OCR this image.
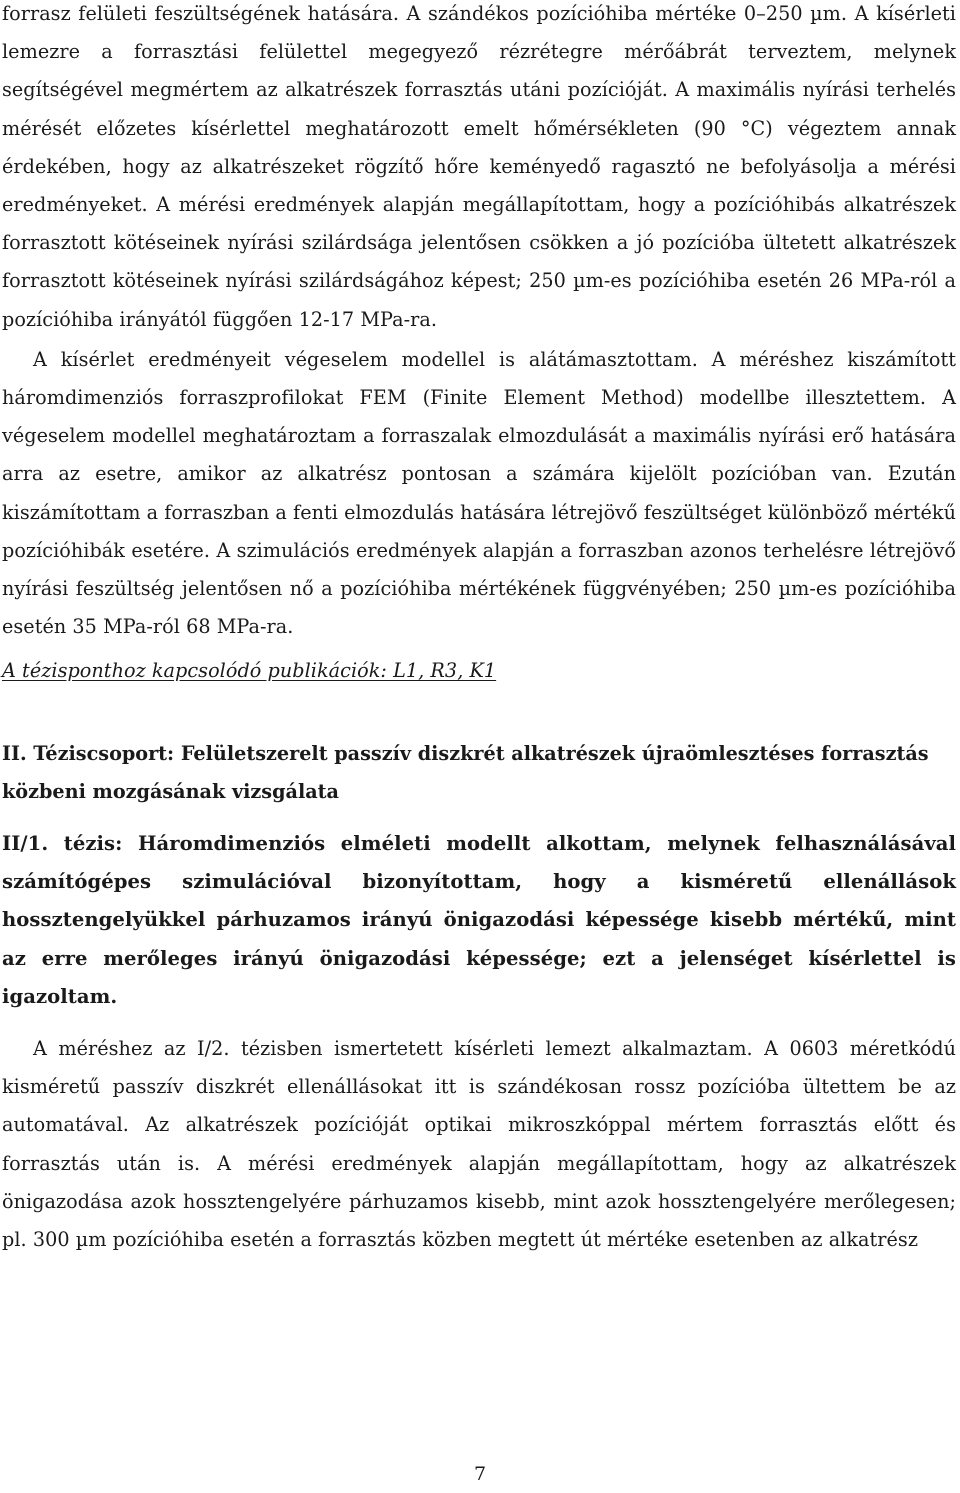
forrasz felületi feszültségének hatására. A szándékos pozícióhiba mértéke 0–250 µm. A kísérleti lemezre a forrasztási felülettel megegyező rézrétegre mérőábrát terveztem, melynek segítségével megmértem az alkatrészek forrasztás utáni pozícióját. A maximális nyírási terhelés mérését előzetes kísérlettel meghatározott emelt hőmérsékleten (90 °C) végeztem annak érdekében, hogy az alkatrészeket rögzítő hőre keményedő ragasztó ne befolyásolja a mérési eredményeket. A mérési eredmények alapján megállapítottam, hogy a pozícióhibás alkatrészek forrasztott kötéseinek nyírási szilárdsága jelentősen csökken a jó pozícióba ültetett alkatrészek forrasztott kötéseinek nyírási szilárdságához képest; 250 µm-es pozícióhiba esetén 26 MPa-ról a pozícióhiba irányától függően 12-17 MPa-ra.

A kísérlet eredményeit végeselem modellel is alátámasztottam. A méréshez kiszámított háromdimenziós forraszprofilokat FEM (Finite Element Method) modellbe illesztettem. A végeselem modellel meghatároztam a forraszalak elmozdulását a maximális nyírási erő hatására arra az esetre, amikor az alkatrész pontosan a számára kijelölt pozícióban van. Ezután kiszámítottam a forraszban a fenti elmozdulás hatására létrejövő feszültséget különböző mértékű pozícióhibák esetére. A szimulációs eredmények alapján a forraszban azonos terhelésre létrejövő nyírási feszültség jelentősen nő a pozícióhiba mértékének függvényében; 250 µm-es pozícióhiba esetén 35 MPa-ról 68 MPa-ra.

A tézisponthoz kapcsolódó publikációk: L1, R3, K1

II. Téziscsoport: Felületszerelt passzív diszkrét alkatrészek újraömlesztéses forrasztás közbeni mozgásának vizsgálata

II/1. tézis: Háromdimenziós elméleti modellt alkottam, melynek felhasználásával számítógépes szimulációval bizonyítottam, hogy a kisméretű ellenállások hossztengelyükkel párhuzamos irányú önigazodási képessége kisebb mértékű, mint az erre merőleges irányú önigazodási képessége; ezt a jelenséget kísérlettel is igazoltam.

A méréshez az I/2. tézisben ismertetett kísérleti lemezt alkalmaztam. A 0603 méretkódú kisméretű passzív diszkrét ellenállásokat itt is szándékosan rossz pozícióba ültettem be az automatával. Az alkatrészek pozícióját optikai mikroszkóppal mértem forrasztás előtt és forrasztás után is. A mérési eredmények alapján megállapítottam, hogy az alkatrészek önigazodása azok hossztengelyére párhuzamos kisebb, mint azok hossztengelyére merőlegesen; pl. 300 µm pozícióhiba esetén a forrasztás közben megtett út mértéke esetenben az alkatrész

7
